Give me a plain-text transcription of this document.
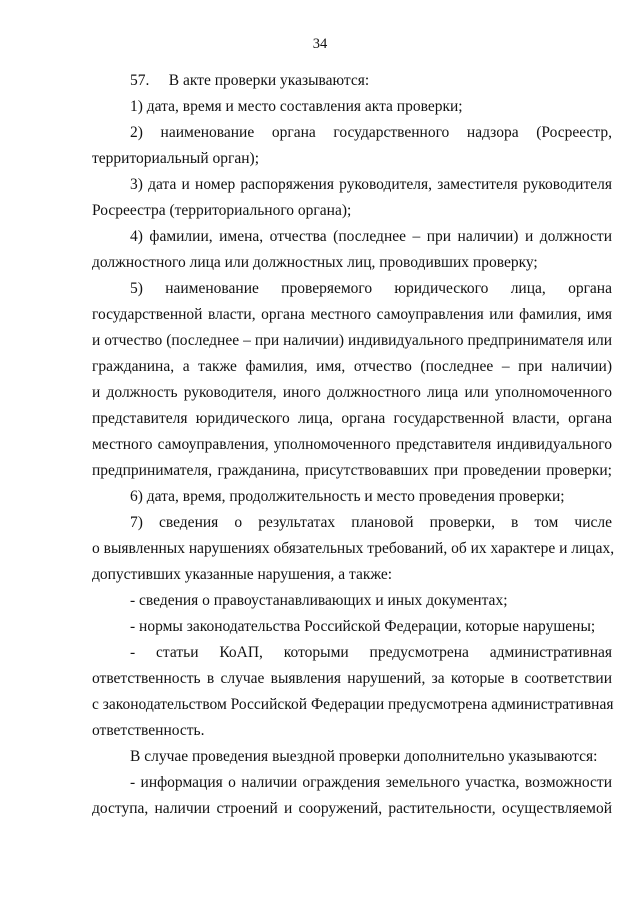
34
57.     В акте проверки указываются:
1) дата, время и место составления акта проверки;
2) наименование органа государственного надзора (Росреестр,
территориальный орган);
3) дата и номер распоряжения руководителя, заместителя руководителя
Росреестра (территориального органа);
4) фамилии, имена, отчества (последнее – при наличии) и должности
должностного лица или должностных лиц, проводивших проверку;
5) наименование проверяемого юридического лица, органа
государственной власти, органа местного самоуправления или фамилия, имя
и отчество (последнее – при наличии) индивидуального предпринимателя или
гражданина, а также фамилия, имя, отчество (последнее – при наличии)
и должность руководителя, иного должностного лица или уполномоченного
представителя юридического лица, органа государственной власти, органа
местного самоуправления, уполномоченного представителя индивидуального
предпринимателя, гражданина, присутствовавших при проведении проверки;
6) дата, время, продолжительность и место проведения проверки;
7) сведения о результатах плановой проверки, в том числе
о выявленных нарушениях обязательных требований, об их характере и лицах,
допустивших указанные нарушения, а также:
- сведения о правоустанавливающих и иных документах;
- нормы законодательства Российской Федерации, которые нарушены;
- статьи КоАП, которыми предусмотрена административная
ответственность в случае выявления нарушений, за которые в соответствии
с законодательством Российской Федерации предусмотрена административная
ответственность.
В случае проведения выездной проверки дополнительно указываются:
- информация о наличии ограждения земельного участка, возможности
доступа, наличии строений и сооружений, растительности, осуществляемой
